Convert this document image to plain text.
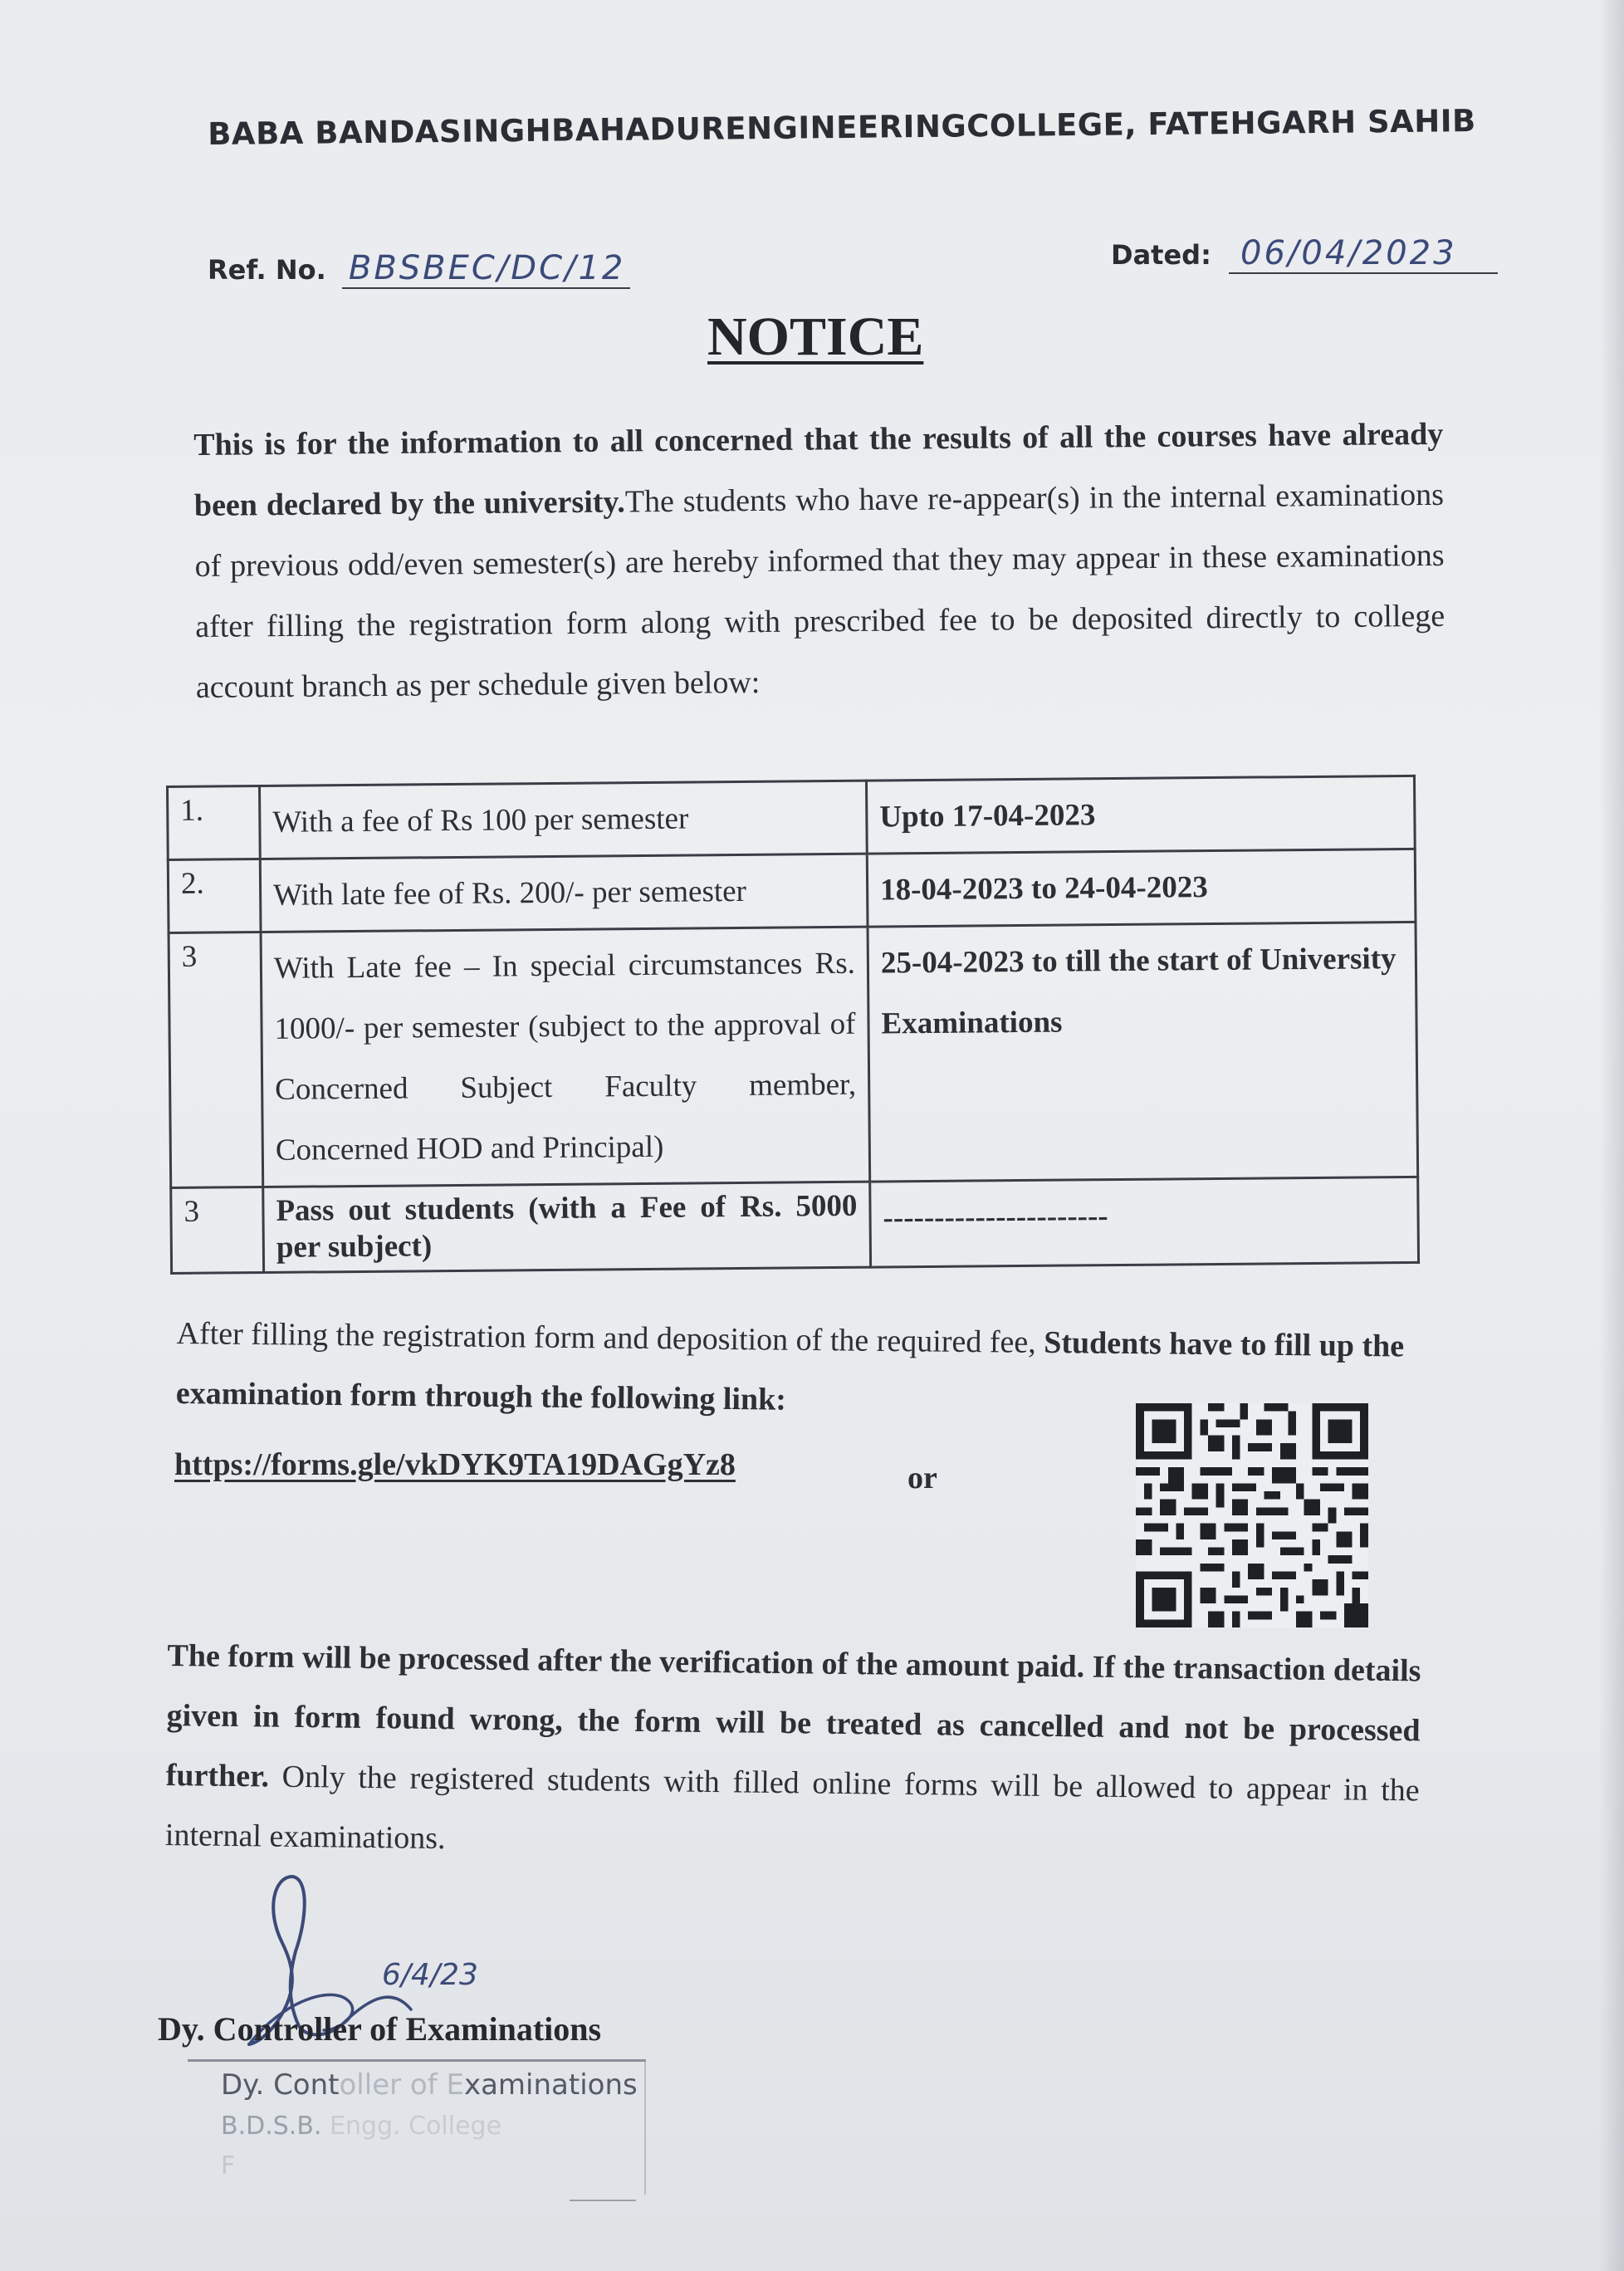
BABA BANDASINGHBAHADURENGINEERINGCOLLEGE, FATEHGARH SAHIB
Ref. No. BBSBEC/DC/12	Dated: 06/04/2023
NOTICE
This is for the information to all concerned that the results of all the courses have already been declared by the university.The students who have re-appear(s) in the internal examinations of previous odd/even semester(s) are hereby informed that they may appear in these examinations after filling the registration form along with prescribed fee to be deposited directly to college account branch as per schedule given below:
1.	With a fee of Rs 100 per semester	Upto 17-04-2023
2.	With late fee of Rs. 200/- per semester	18-04-2023 to 24-04-2023
3	With Late fee – In special circumstances Rs. 1000/- per semester (subject to the approval of Concerned Subject Faculty member, Concerned HOD and Principal)	25-04-2023 to till the start of University Examinations
3	Pass out students (with a Fee of Rs. 5000 per subject)	----------------------
After filling the registration form and deposition of the required fee, Students have to fill up the examination form through the following link:
https://forms.gle/vkDYK9TA19DAGgYz8	or
The form will be processed after the verification of the amount paid. If the transaction details given in form found wrong, the form will be treated as cancelled and not be processed further. Only the registered students with filled online forms will be allowed to appear in the internal examinations.
6/4/23
Dy. Controller of Examinations
Dy. Contoller of Examinations
B.D.S.B. Engg. College
F
